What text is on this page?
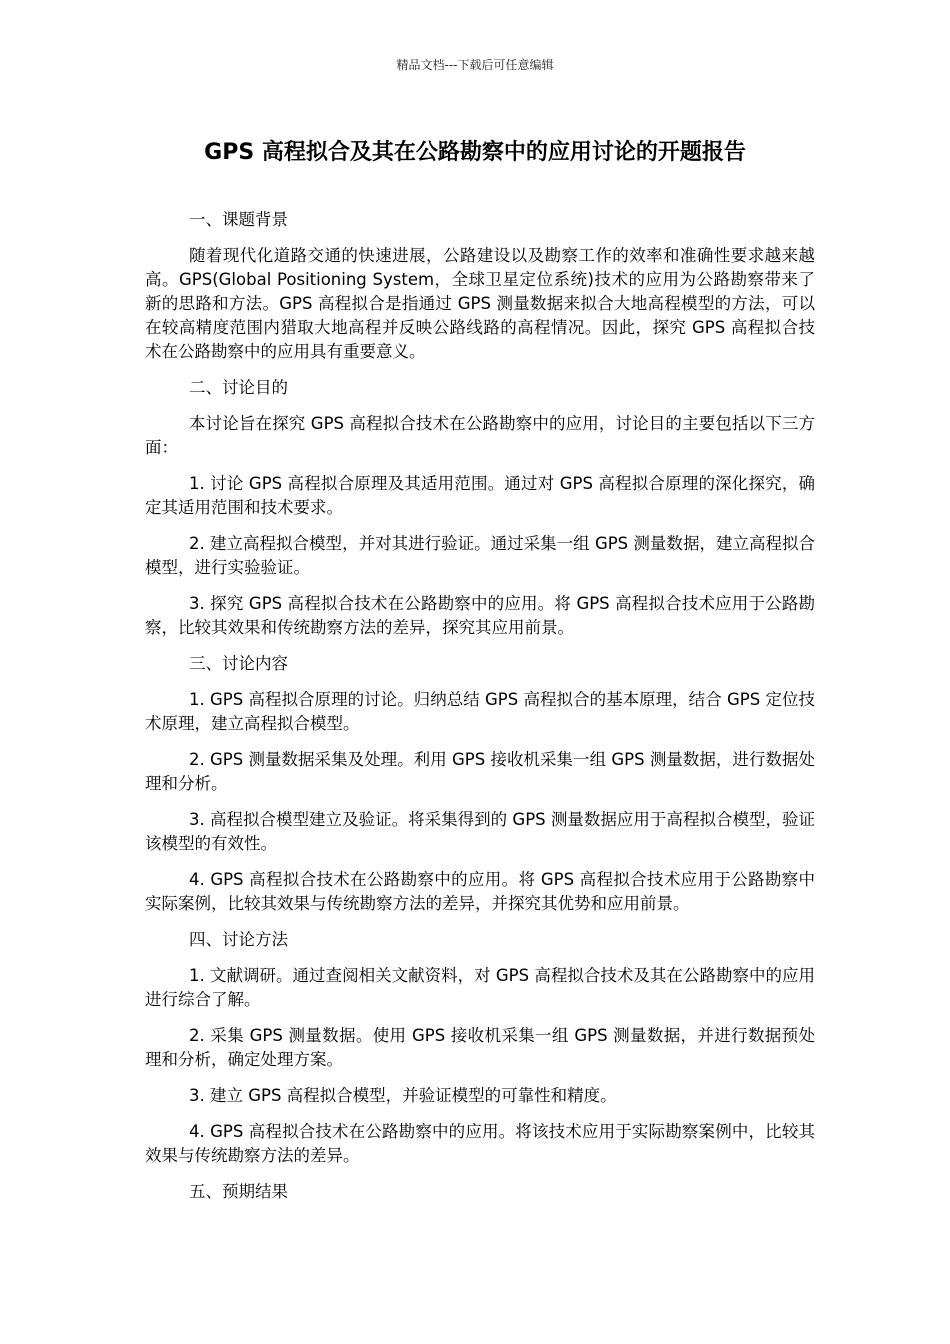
精品文档---下载后可任意编辑
GPS 高程拟合及其在公路勘察中的应用讨论的开题报告

一、课题背景

随着现代化道路交通的快速进展，公路建设以及勘察工作的效率和准确性要求越来越高。GPS(Global Positioning System，全球卫星定位系统)技术的应用为公路勘察带来了新的思路和方法。GPS 高程拟合是指通过 GPS 测量数据来拟合大地高程模型的方法，可以在较高精度范围内猎取大地高程并反映公路线路的高程情况。因此，探究 GPS 高程拟合技术在公路勘察中的应用具有重要意义。

二、讨论目的

本讨论旨在探究 GPS 高程拟合技术在公路勘察中的应用，讨论目的主要包括以下三方面：

1. 讨论 GPS 高程拟合原理及其适用范围。通过对 GPS 高程拟合原理的深化探究，确定其适用范围和技术要求。

2. 建立高程拟合模型，并对其进行验证。通过采集一组 GPS 测量数据，建立高程拟合模型，进行实验验证。

3. 探究 GPS 高程拟合技术在公路勘察中的应用。将 GPS 高程拟合技术应用于公路勘察，比较其效果和传统勘察方法的差异，探究其应用前景。

三、讨论内容

1. GPS 高程拟合原理的讨论。归纳总结 GPS 高程拟合的基本原理，结合 GPS 定位技术原理，建立高程拟合模型。

2. GPS 测量数据采集及处理。利用 GPS 接收机采集一组 GPS 测量数据，进行数据处理和分析。

3. 高程拟合模型建立及验证。将采集得到的 GPS 测量数据应用于高程拟合模型，验证该模型的有效性。

4. GPS 高程拟合技术在公路勘察中的应用。将 GPS 高程拟合技术应用于公路勘察中实际案例，比较其效果与传统勘察方法的差异，并探究其优势和应用前景。

四、讨论方法

1. 文献调研。通过查阅相关文献资料，对 GPS 高程拟合技术及其在公路勘察中的应用进行综合了解。

2. 采集 GPS 测量数据。使用 GPS 接收机采集一组 GPS 测量数据，并进行数据预处理和分析，确定处理方案。

3. 建立 GPS 高程拟合模型，并验证模型的可靠性和精度。

4. GPS 高程拟合技术在公路勘察中的应用。将该技术应用于实际勘察案例中，比较其效果与传统勘察方法的差异。

五、预期结果
